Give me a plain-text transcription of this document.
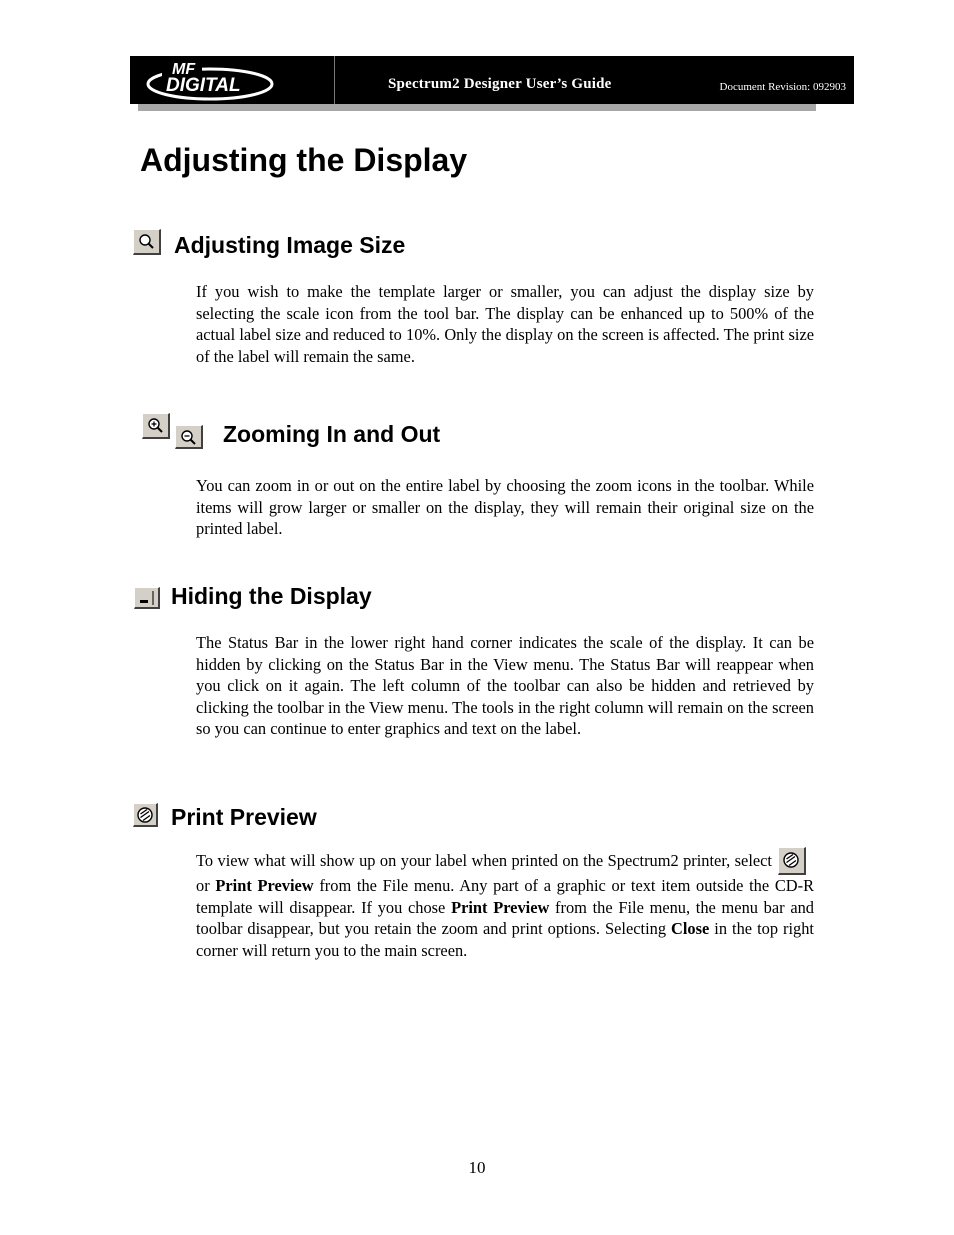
MF
DIGITAL	Spectrum2 Designer User’s Guide	Document Revision: 092903
Adjusting the Display
Adjusting Image Size

If you wish to make the template larger or smaller, you can adjust the display size by selecting the scale icon from the tool bar. The display can be enhanced up to 500% of the actual label size and reduced to 10%. Only the display on the screen is affected. The print size of the label will remain the same.

Zooming In and Out

You can zoom in or out on the entire label by choosing the zoom icons in the toolbar. While items will grow larger or smaller on the display, they will remain their original size on the printed label.

Hiding the Display

The Status Bar in the lower right hand corner indicates the scale of the display. It can be hidden by clicking on the Status Bar in the View menu. The Status Bar will reappear when you click on it again. The left column of the toolbar can also be hidden and retrieved by clicking the toolbar in the View menu. The tools in the right column will remain on the screen so you can continue to enter graphics and text on the label.

Print Preview

To view what will show up on your label when printed on the Spectrum2 printer, select
or Print Preview from the File menu. Any part of a graphic or text item outside the CD-R template will disappear. If you chose Print Preview from the File menu, the menu bar and toolbar disappear, but you retain the zoom and print options. Selecting Close in the top right corner will return you to the main screen.

10
